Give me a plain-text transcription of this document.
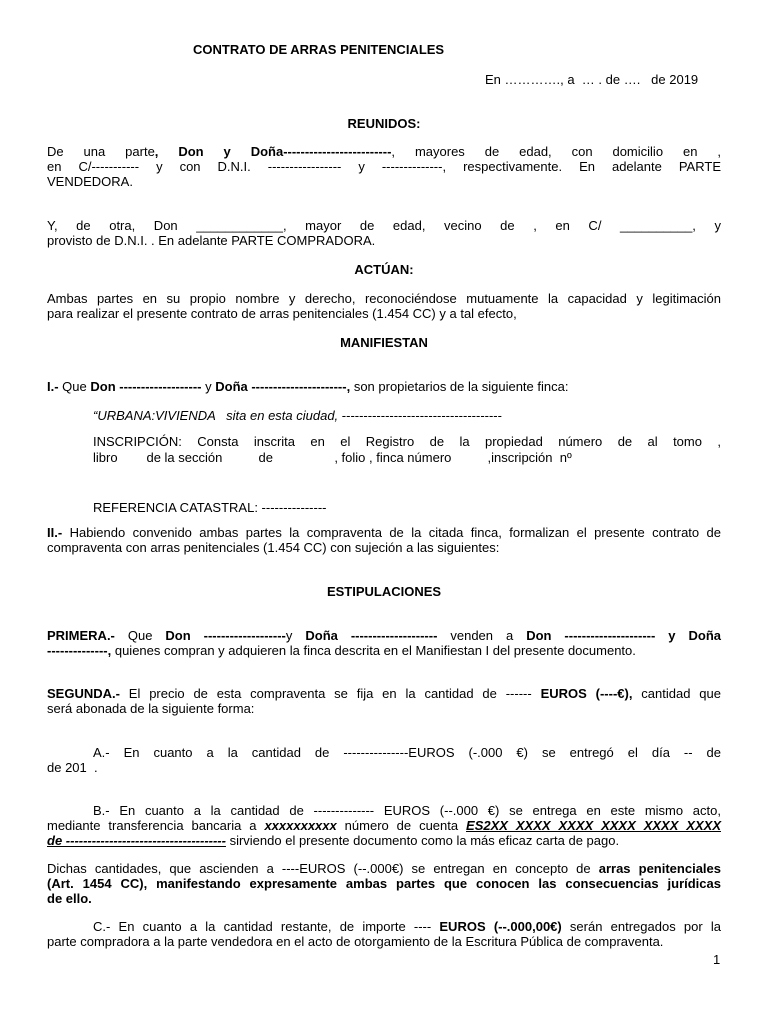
CONTRATO DE ARRAS PENITENCIALES
En …………., a  … . de ….   de 2019
REUNIDOS:
De una parte, Don y Doña-------------------------, mayores de edad, con domicilio en ,
en C/----------- y con D.N.I. ----------------- y --------------, respectivamente. En adelante PARTE
VENDEDORA.
Y, de otra, Don ____________, mayor de edad, vecino de , en C/ __________, y
provisto de D.N.I. . En adelante PARTE COMPRADORA.
ACTÚAN:
Ambas partes en su propio nombre y derecho, reconociéndose mutuamente la capacidad y legitimación
para realizar el presente contrato de arras penitenciales (1.454 CC) y a tal efecto,
MANIFIESTAN
I.- Que Don ------------------- y Doña ----------------------, son propietarios de la siguiente finca:
“URBANA:VIVIENDA   sita en esta ciudad, -------------------------------------
INSCRIPCIÓN: Consta inscrita en el Registro de la propiedad número de al tomo ,
libro        de la sección          de                 , folio , finca número          ,inscripción  nº
REFERENCIA CATASTRAL: ---------------
II.- Habiendo convenido ambas partes la compraventa de la citada finca, formalizan el presente contrato de
compraventa con arras penitenciales (1.454 CC) con sujeción a las siguientes:
ESTIPULACIONES
PRIMERA.- Que Don -------------------y Doña -------------------- venden a Don --------------------- y Doña
--------------, quienes compran y adquieren la finca descrita en el Manifiestan I del presente documento.
SEGUNDA.- El precio de esta compraventa se fija en la cantidad de ------ EUROS (----€), cantidad que
será abonada de la siguiente forma:
A.- En cuanto a la cantidad de ---------------EUROS (-.000 €) se entregó el día -- de
de 201  .
B.- En cuanto a la cantidad de -------------- EUROS (--.000 €) se entrega en este mismo acto,
mediante transferencia bancaria a xxxxxxxxxx número de cuenta ES2XX XXXX XXXX XXXX XXXX XXXX
de ------------------------------------- sirviendo el presente documento como la más eficaz carta de pago.
Dichas cantidades, que ascienden a ----EUROS (--.000€) se entregan en concepto de arras penitenciales
(Art. 1454 CC), manifestando expresamente ambas partes que conocen las consecuencias jurídicas
de ello.
C.- En cuanto a la cantidad restante, de importe ---- EUROS (--.000,00€) serán entregados por la
parte compradora a la parte vendedora en el acto de otorgamiento de la Escritura Pública de compraventa.
1
